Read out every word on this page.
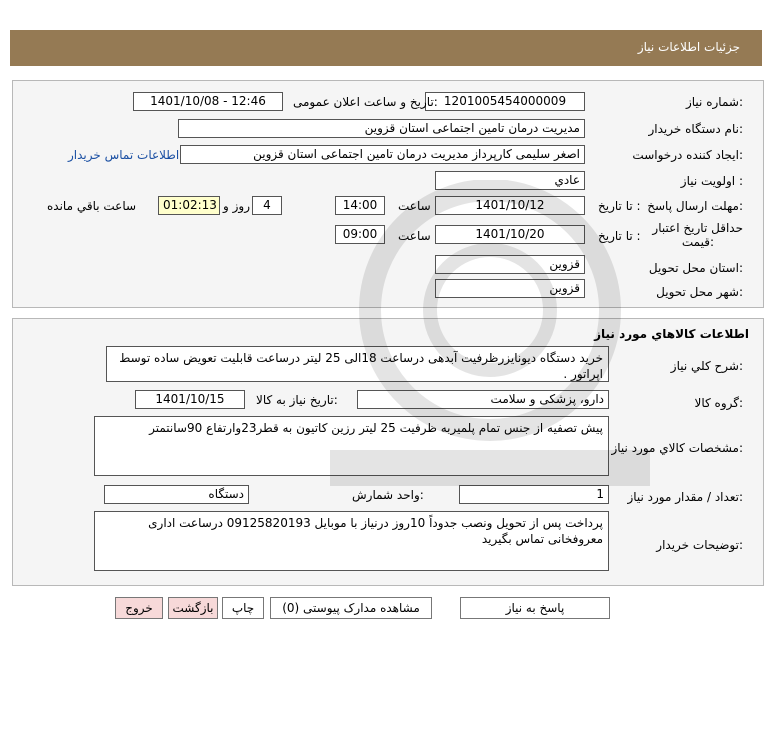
جزئیات اطلاعات نیاز
شماره نیاز:
1201005454000009
تاریخ و ساعت اعلان عمومی:
1401/10/08 - 12:46
نام دستگاه خریدار:
مدیریت درمان تامین اجتماعی استان قزوین
ایجاد کننده درخواست:
اصغر سلیمی کارپرداز مدیریت درمان تامین اجتماعی استان قزوین
اطلاعات تماس خریدار
اولویت نیاز :
عادي
مهلت ارسال پاسخ:
تا تاریخ :
1401/10/12
ساعت
14:00
4
روز و
01:02:13
ساعت باقي مانده
حداقل تاریخ اعتبار
قیمت:
تا تاریخ :
1401/10/20
ساعت
09:00
استان محل تحویل:
قزوین
شهر محل تحویل:
قزوین
اطلاعات کالاهاي مورد نياز
شرح کلي نياز:
خرید دستگاه دیونایزرظرفیت آبدهی درساعت 18الی 25 لیتر درساعت قابلیت تعویض ساده توسط اپراتور .
گروه کالا:
دارو، پزشکی و سلامت
تاریخ نیاز به کالا:
1401/10/15
مشخصات کالاي مورد نياز:
پیش تصفیه از جنس تمام پلمیربه ظرفیت 25 لیتر رزین کاتیون به قطر23وارتفاع 90سانتمتر
تعداد / مقدار مورد نیاز:
1
واحد شمارش:
دستگاه
توضیحات خریدار:
پرداخت پس از تحویل ونصب جدوداً 10روز درنیاز با موبایل 09125820193 درساعت اداری معروفخانی تماس بگیرید
پاسخ به نیاز
مشاهده مدارک پیوستی (0)
چاپ
بازگشت
خروج
